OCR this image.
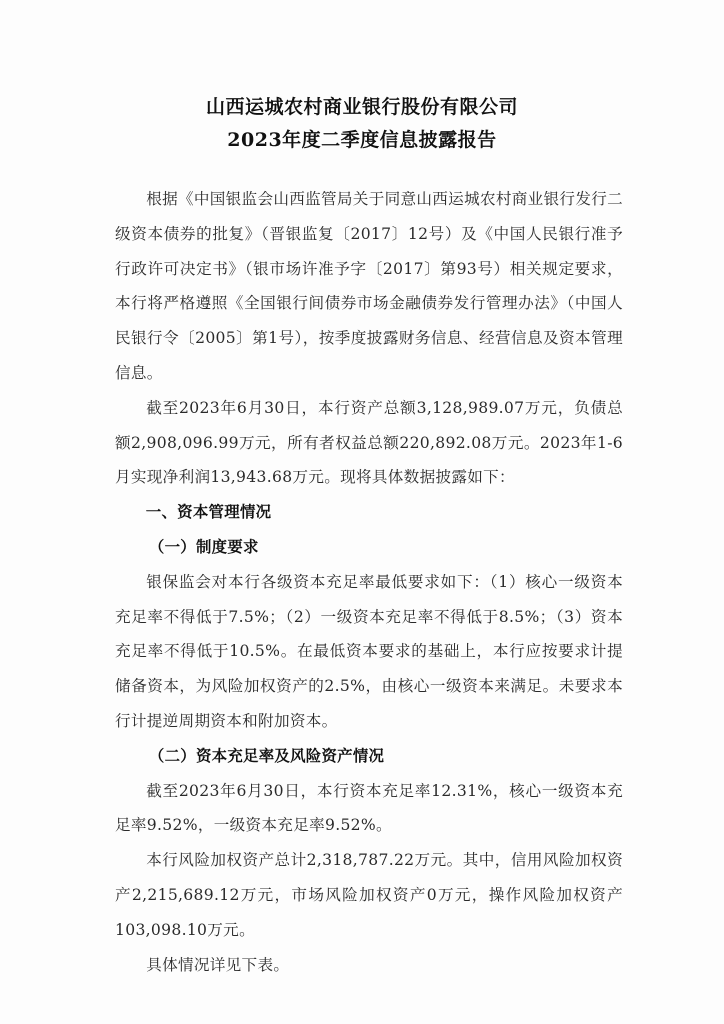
山西运城农村商业银行股份有限公司
2023年度二季度信息披露报告

根据《中国银监会山西监管局关于同意山西运城农村商业银行发行二级资本债券的批复》（晋银监复〔2017〕12号）及《中国人民银行准予行政许可决定书》（银市场许准予字〔2017〕第93号）相关规定要求，本行将严格遵照《全国银行间债券市场金融债券发行管理办法》（中国人民银行令〔2005〕第1号），按季度披露财务信息、经营信息及资本管理信息。

截至2023年6月30日，本行资产总额3,128,989.07万元，负债总额2,908,096.99万元，所有者权益总额220,892.08万元。2023年1-6月实现净利润13,943.68万元。现将具体数据披露如下：

一、资本管理情况

（一）制度要求

银保监会对本行各级资本充足率最低要求如下：（1）核心一级资本充足率不得低于7.5%；（2）一级资本充足率不得低于8.5%；（3）资本充足率不得低于10.5%。在最低资本要求的基础上，本行应按要求计提储备资本，为风险加权资产的2.5%，由核心一级资本来满足。未要求本行计提逆周期资本和附加资本。

（二）资本充足率及风险资产情况

截至2023年6月30日，本行资本充足率12.31%，核心一级资本充足率9.52%，一级资本充足率9.52%。

本行风险加权资产总计2,318,787.22万元。其中，信用风险加权资产2,215,689.12万元，市场风险加权资产0万元，操作风险加权资产103,098.10万元。

具体情况详见下表。
